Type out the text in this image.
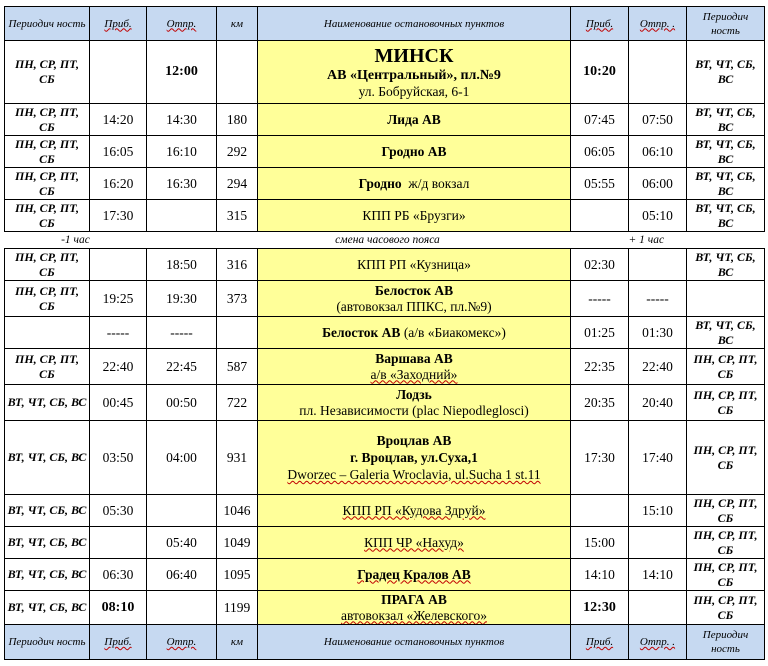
Периодич ность	Приб.	Отпр.	км	Наименование остановочных пунктов	Приб.	Отпр. .	Периодич ность
ПН, СР, ПТ, СБ		12:00		МИНСК
АВ «Центральный», пл.№9
ул. Бобруйская, 6-1	10:20		ВТ, ЧТ, СБ, ВС
ПН, СР, ПТ, СБ	14:20	14:30	180	Лида АВ	07:45	07:50	ВТ, ЧТ, СБ, ВС
ПН, СР, ПТ, СБ	16:05	16:10	292	Гродно АВ	06:05	06:10	ВТ, ЧТ, СБ, ВС
ПН, СР, ПТ, СБ	16:20	16:30	294	Гродно ж/д вокзал	05:55	06:00	ВТ, ЧТ, СБ, ВС
ПН, СР, ПТ, СБ	17:30		315	КПП РБ «Брузги»		05:10	ВТ, ЧТ, СБ, ВС
-1 час		смена часового пояса				+ 1 час	
ПН, СР, ПТ, СБ		18:50	316	КПП РП «Кузница»	02:30		ВТ, ЧТ, СБ, ВС
ПН, СР, ПТ, СБ	19:25	19:30	373	Белосток АВ
(автовокзал ППКС, пл.№9)	-----	-----	
	-----	-----		Белосток АВ (а/в «Биакомекс»)	01:25	01:30	ВТ, ЧТ, СБ, ВС
ПН, СР, ПТ, СБ	22:40	22:45	587	Варшава АВ
а/в «Заходний»	22:35	22:40	ПН, СР, ПТ, СБ
ВТ, ЧТ, СБ, ВС	00:45	00:50	722	Лодзь
пл. Независимости (plac Niepodleglosci)	20:35	20:40	ПН, СР, ПТ, СБ
ВТ, ЧТ, СБ, ВС	03:50	04:00	931	Вроцлав АВ
г. Вроцлав, ул.Суха,1
Dworzec – Galeria Wroclavia, ul.Sucha 1 st.11	17:30	17:40	ПН, СР, ПТ, СБ
ВТ, ЧТ, СБ, ВС	05:30		1046	КПП РП «Кудова Здруй»		15:10	ПН, СР, ПТ, СБ
ВТ, ЧТ, СБ, ВС		05:40	1049	КПП ЧР «Нахуд»	15:00		ПН, СР, ПТ, СБ
ВТ, ЧТ, СБ, ВС	06:30	06:40	1095	Градец Кралов АВ	14:10	14:10	ПН, СР, ПТ, СБ
ВТ, ЧТ, СБ, ВС	08:10		1199	ПРАГА АВ
автовокзал «Желевского»	12:30		ПН, СР, ПТ, СБ
Периодич ность	Приб.	Отпр.	км	Наименование остановочных пунктов	Приб.	Отпр. .	Периодич ность
